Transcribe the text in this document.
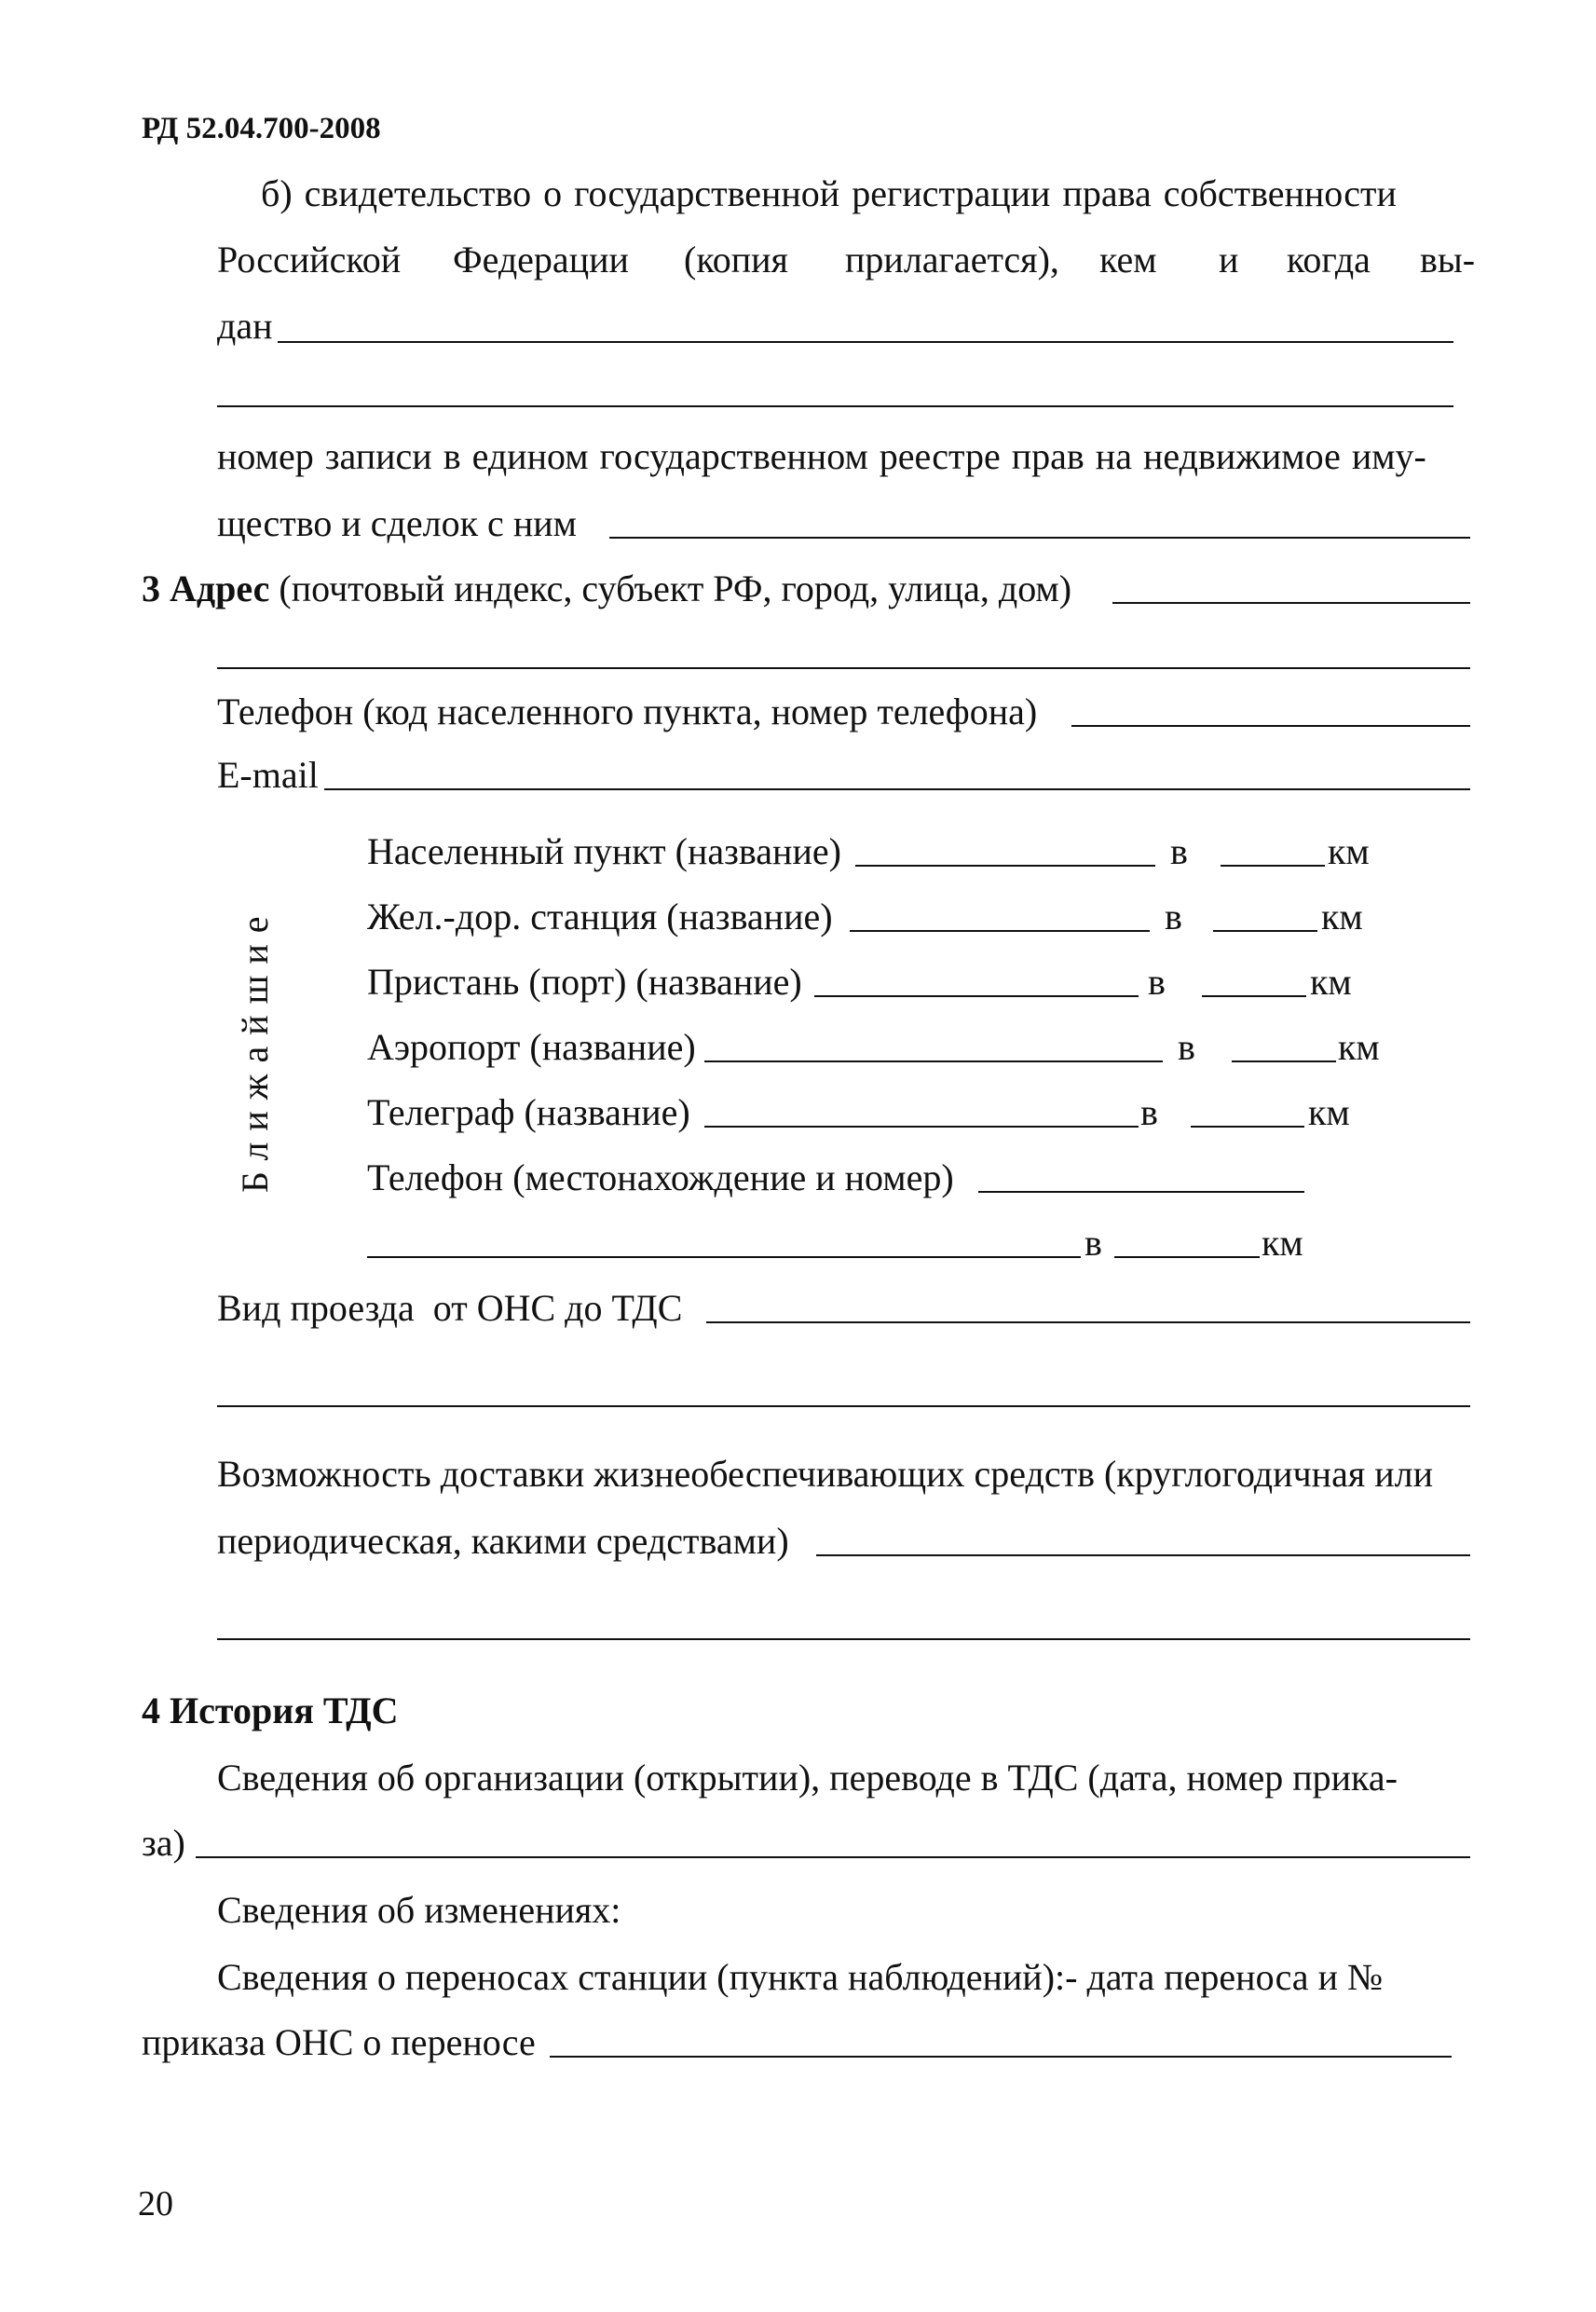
РД 52.04.700-2008
б) свидетельство о государственной регистрации права собственности
Российской Федерации (копия прилагается), кем и когда вы-
дан
номер записи в едином государственном реестре прав на недвижимое иму-
щество и сделок с ним
3 Адрес (почтовый индекс, субъект РФ, город, улица, дом)
Телефон (код населенного пункта, номер телефона)
E-mail
Ближайшие
Населенный пункт (название)	в	км
Жел.-дор. станция (название)	в	км
Пристань (порт) (название)	в	км
Аэропорт (название)	в	км
Телеграф (название)	в	км
Телефон (местонахождение и номер)
в	км
Вид проезда  от ОНС до ТДС
Возможность доставки жизнеобеспечивающих средств (круглогодичная или
периодическая, какими средствами)
4 История ТДС
Сведения об организации (открытии), переводе в ТДС (дата, номер прика-
за)
Сведения об изменениях:
Сведения о переносах станции (пункта наблюдений):- дата переноса и №
приказа ОНС о переносе
20
